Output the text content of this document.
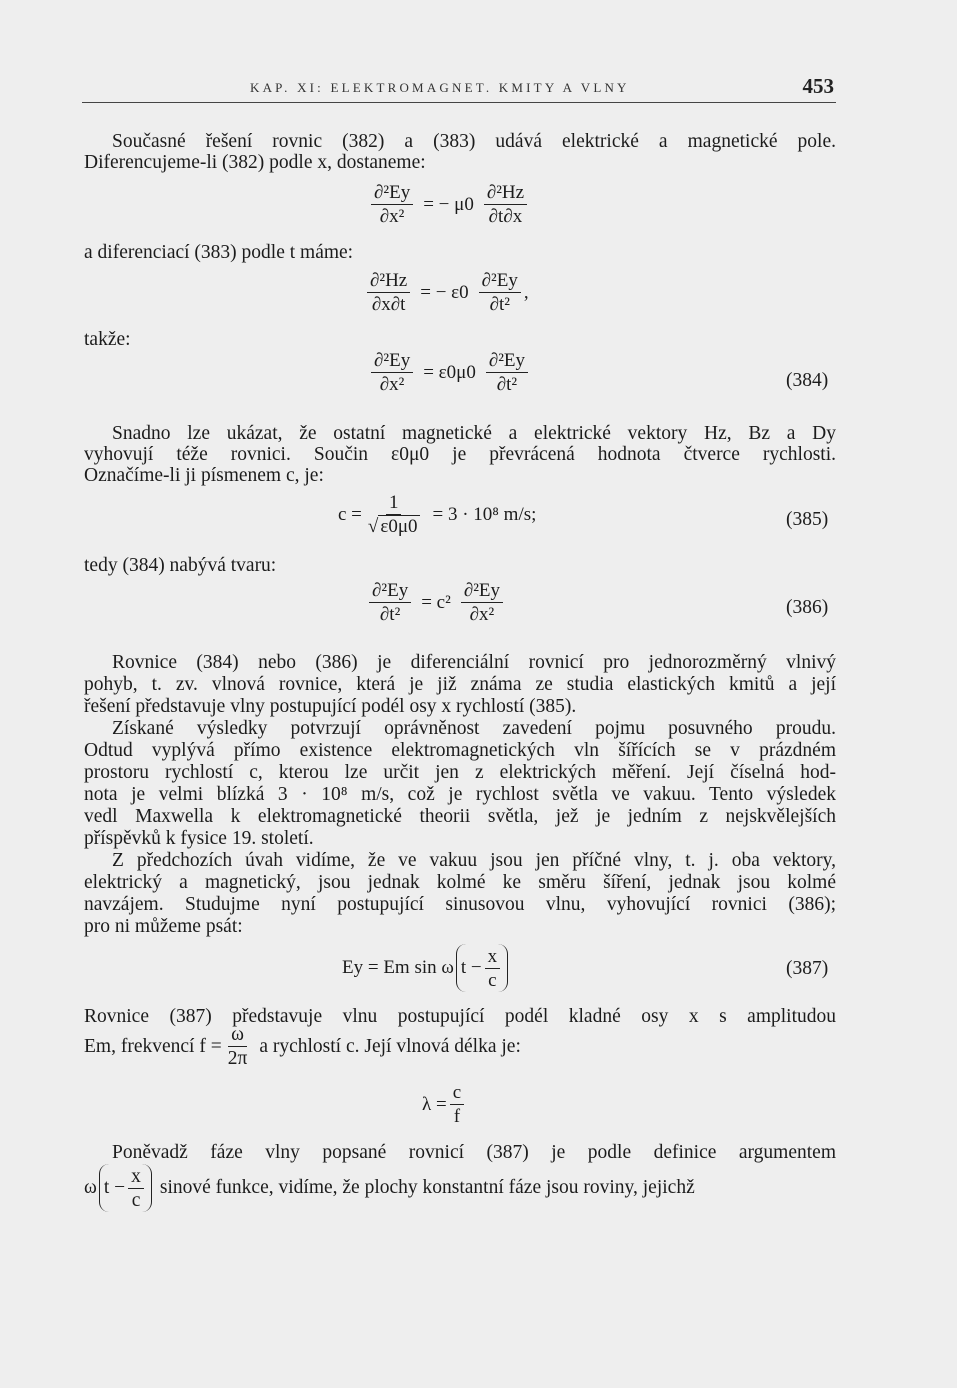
KAP. XI: ELEKTROMAGNET. KMITY A VLNY	453
Současné řešení rovnic (382) a (383) udává elektrické a magnetické pole.
Diferencujeme-li (382) podle x, dostaneme:
$\frac{\text{∂²Ey}}{\text{∂x²}}$ = − $\mu 0 \frac{\text{∂²Hz}}{\partial t\partial x}$
a diferenciací (383) podle t máme:
$\frac{\text{∂²Hz}}{\partial x\partial t}$ = − $\varepsilon 0 \frac{\text{∂²Ey}}{\text{∂t²}}$ ,
takže:
$\frac{\text{∂²Ey}}{\text{∂x²}} = \varepsilon 0\mu 0 \frac{\text{∂²Ey}}{\text{∂t²}}$	(384)
Snadno lze ukázat, že ostatní magnetické a elektrické vektory Hz, Bz a Dy
vyhovují téže rovnici. Součin ε0μ0 je převrácená hodnota čtverce rychlosti.
Označíme-li ji písmenem c, je:
$c = \frac{1}{√ \varepsilon 0\mu 0} = 3 \cdot 10^8$ m/s;	(385)
tedy (384) nabývá tvaru:
$\frac{\text{∂²Ey}}{\text{∂t²}} = c^2 \frac{\text{∂²Ey}}{\text{∂x²}}$	(386)
Rovnice (384) nebo (386) je diferenciální rovnicí pro jednorozměrný vlnivý
pohyb, t. zv. vlnová rovnice, která je již známa ze studia elastických kmitů a její
řešení představuje vlny postupující podél osy x rychlostí (385).
Získané výsledky potvrzují oprávněnost zavedení pojmu posuvného proudu.
Odtud vyplývá přímo existence elektromagnetických vln šířících se v prázdném
prostoru rychlostí c, kterou lze určit jen z elektrických měření. Její číselná hod-
nota je velmi blízká 3 · 10⁸ m/s, což je rychlost světla ve vakuu. Tento výsledek
vedl Maxwella k elektromagnetické theorii světla, jež je jedním z nejskvělejších
příspěvků k fysice 19. století.
Z předchozích úvah vidíme, že ve vakuu jsou jen příčné vlny, t. j. oba vektory,
elektrický a magnetický, jsou jednak kolmé ke směru šíření, jednak jsou kolmé
navzájem. Studujme nyní postupující sinusovou vlnu, vyhovující rovnici (386);
pro ni můžeme psát:
Ey = Em sin ω $t - \frac{x}{c}$	(387)
Rovnice (387) představuje vlnu postupující podél kladné osy x s amplitudou
Em, frekvencí $f = \frac{\omega}{2\pi}$ a rychlostí c. Její vlnová délka je:
$\lambda = \frac{c}{f}$
Poněvadž fáze vlny popsané rovnicí (387) je podle definice argumentem
ω $t - \frac{x}{c}$ sinové funkce, vidíme, že plochy konstantní fáze jsou roviny, jejichž
